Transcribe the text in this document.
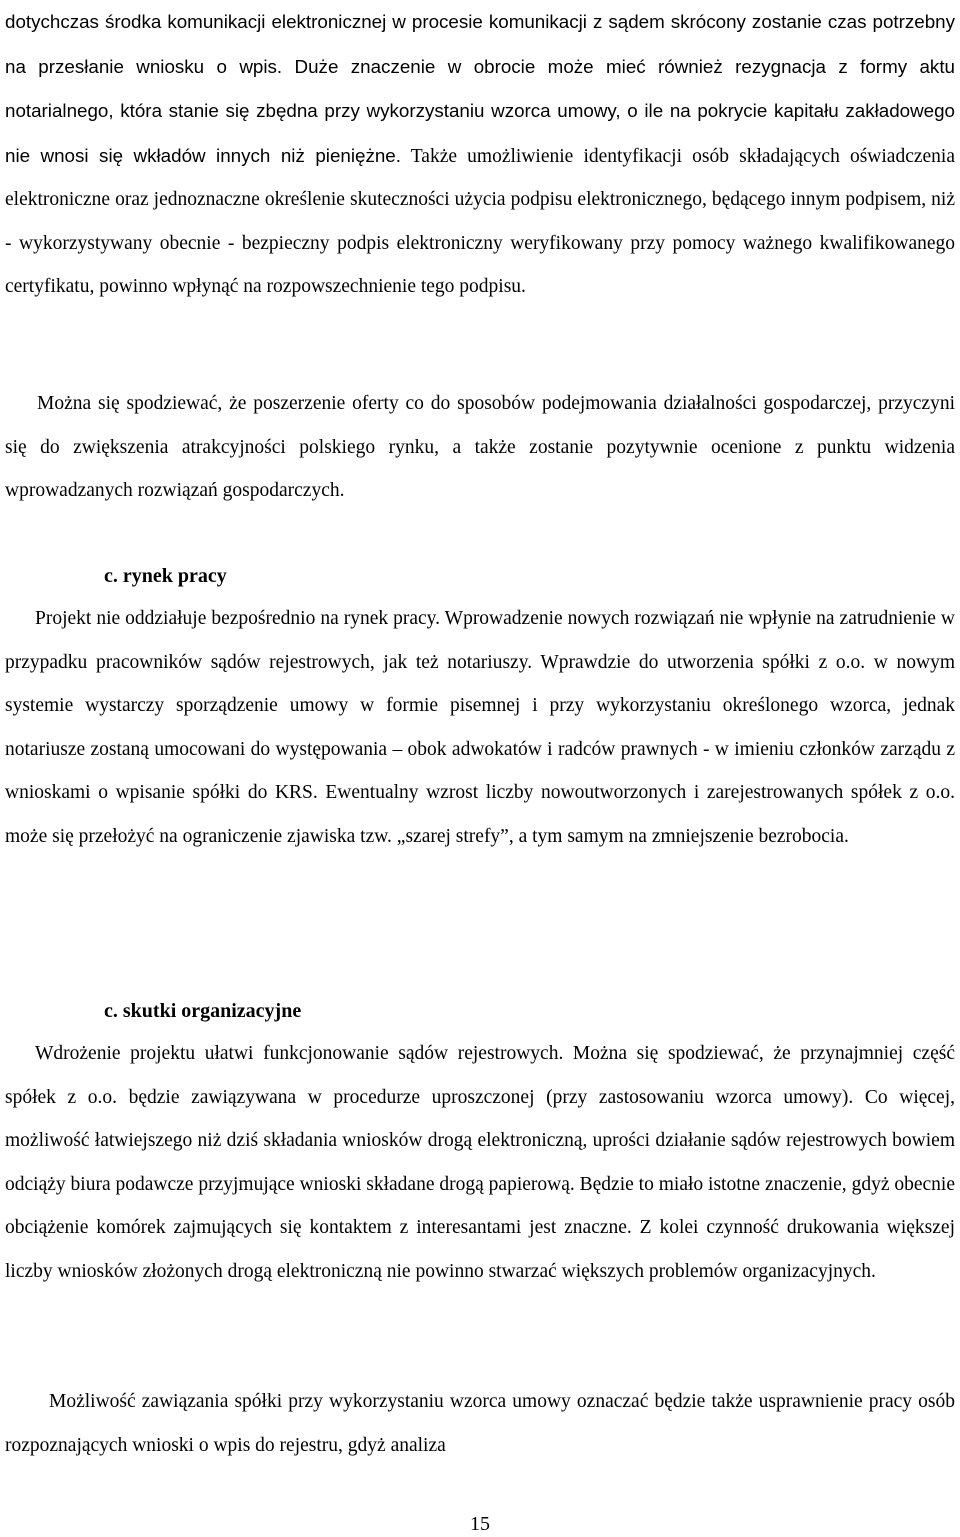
dotychczas środka komunikacji elektronicznej w procesie komunikacji z sądem skrócony zostanie czas potrzebny na przesłanie wniosku o wpis. Duże znaczenie w obrocie może mieć również rezygnacja z formy aktu notarialnego, która stanie się zbędna przy wykorzystaniu wzorca umowy, o ile na pokrycie kapitału zakładowego nie wnosi się wkładów innych niż pieniężne. Także umożliwienie identyfikacji osób składających oświadczenia elektroniczne oraz jednoznaczne określenie skuteczności użycia podpisu elektronicznego, będącego innym podpisem, niż - wykorzystywany obecnie - bezpieczny podpis elektroniczny weryfikowany przy pomocy ważnego kwalifikowanego certyfikatu, powinno wpłynąć na rozpowszechnienie tego podpisu.

Można się spodziewać, że poszerzenie oferty co do sposobów podejmowania działalności gospodarczej, przyczyni się do zwiększenia atrakcyjności polskiego rynku, a także zostanie pozytywnie ocenione z punktu widzenia wprowadzanych rozwiązań gospodarczych.

c. rynek pracy

Projekt nie oddziałuje bezpośrednio na rynek pracy. Wprowadzenie nowych rozwiązań nie wpłynie na zatrudnienie w przypadku pracowników sądów rejestrowych, jak też notariuszy. Wprawdzie do utworzenia spółki z o.o. w nowym systemie wystarczy sporządzenie umowy w formie pisemnej i przy wykorzystaniu określonego wzorca, jednak notariusze zostaną umocowani do występowania – obok adwokatów i radców prawnych - w imieniu członków zarządu z wnioskami o wpisanie spółki do KRS. Ewentualny wzrost liczby nowoutworzonych i zarejestrowanych spółek z o.o. może się przełożyć na ograniczenie zjawiska tzw. „szarej strefy”, a tym samym na zmniejszenie bezrobocia.

c. skutki organizacyjne

Wdrożenie projektu ułatwi funkcjonowanie sądów rejestrowych. Można się spodziewać, że przynajmniej część spółek z o.o. będzie zawiązywana w procedurze uproszczonej (przy zastosowaniu wzorca umowy). Co więcej, możliwość łatwiejszego niż dziś składania wniosków drogą elektroniczną, uprości działanie sądów rejestrowych bowiem odciąży biura podawcze przyjmujące wnioski składane drogą papierową. Będzie to miało istotne znaczenie, gdyż obecnie obciążenie komórek zajmujących się kontaktem z interesantami jest znaczne. Z kolei czynność drukowania większej liczby wniosków złożonych drogą elektroniczną nie powinno stwarzać większych problemów organizacyjnych.

Możliwość zawiązania spółki przy wykorzystaniu wzorca umowy oznaczać będzie także usprawnienie pracy osób rozpoznających wnioski o wpis do rejestru, gdyż analiza

15
